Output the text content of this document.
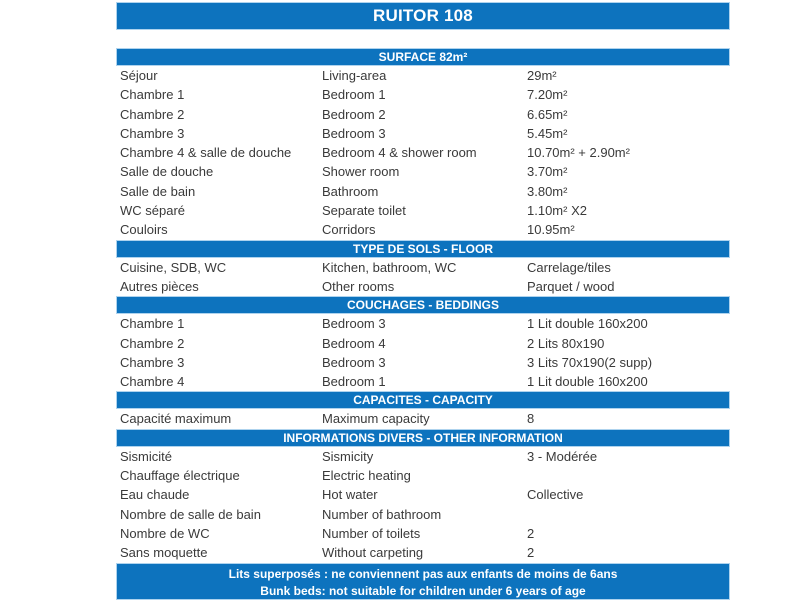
RUITOR 108
SURFACE 82m²
Séjour	Living-area	29m²
Chambre 1	Bedroom 1	7.20m²
Chambre 2	Bedroom 2	6.65m²
Chambre 3	Bedroom 3	5.45m²
Chambre 4 & salle de douche	Bedroom 4 & shower room	10.70m² + 2.90m²
Salle de douche	Shower room	3.70m²
Salle de bain	Bathroom	3.80m²
WC séparé	Separate toilet	1.10m² X2
Couloirs	Corridors	10.95m²
TYPE DE SOLS - FLOOR
Cuisine, SDB, WC	Kitchen, bathroom, WC	Carrelage/tiles
Autres pièces	Other rooms	Parquet / wood
COUCHAGES - BEDDINGS
Chambre 1	Bedroom 3	1 Lit double 160x200
Chambre 2	Bedroom 4	2 Lits 80x190
Chambre 3	Bedroom 3	3 Lits 70x190(2 supp)
Chambre 4	Bedroom 1	1 Lit double 160x200
CAPACITES - CAPACITY
Capacité maximum	Maximum capacity	8
INFORMATIONS DIVERS - OTHER INFORMATION
Sismicité	Sismicity	3 - Modérée
Chauffage électrique	Electric heating
Eau chaude	Hot water	Collective
Nombre de salle de bain	Number of bathroom
Nombre de WC	Number of toilets	2
Sans moquette	Without carpeting	2
Lits superposés : ne conviennent pas aux enfants de moins de 6ans
Bunk beds: not suitable for children under 6 years of age
